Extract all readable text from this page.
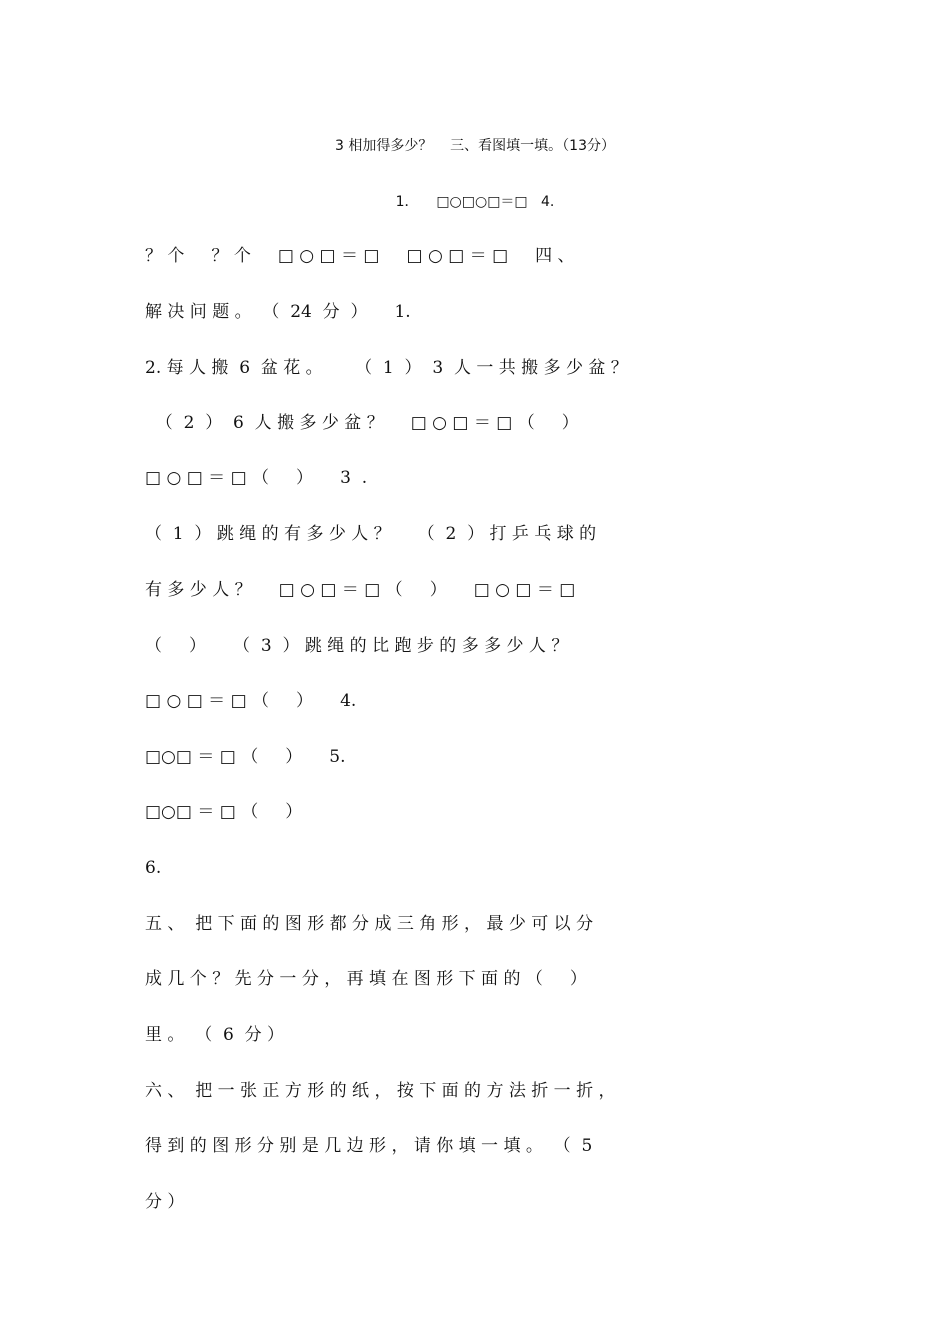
3 相加得多少？    三、看图填一填。（13分）
1．    □○□○□＝□   4.
？ 个     ？ 个     □ ○ □ ＝ □     □ ○ □ ＝ □     四 、
解 决 问 题 。  （  24  分  ）     1.
2. 每 人 搬  6  盆 花 。      （  1  ）  3  人 一 共 搬 多 少 盆 ？
（  2  ）  6  人 搬 多 少 盆 ？     □ ○ □ ＝ □ （     ）
□ ○ □ ＝ □ （     ）     3  .
（  1  ） 跳 绳 的 有 多 少 人 ？     （  2  ） 打 乒 乓 球 的
有 多 少 人 ？     □ ○ □ ＝ □ （     ）     □ ○ □ ＝ □
（     ）     （  3  ） 跳 绳 的 比 跑 步 的 多 多 少 人 ？
□ ○ □ ＝ □ （     ）     4.
□○□ ＝ □ （     ）     5.
□○□ ＝ □ （     ）
6.
五 、  把 下 面 的 图 形 都 分 成 三 角 形 ， 最 少 可 以 分
成 几 个 ？ 先 分 一 分 ， 再 填 在 图 形 下 面 的 （     ）
里 。  （  6  分 ）
六 、  把 一 张 正 方 形 的 纸 ， 按 下 面 的 方 法 折 一 折 ，
得 到 的 图 形 分 别 是 几 边 形 ， 请 你 填 一 填 。  （  5
分 ）
